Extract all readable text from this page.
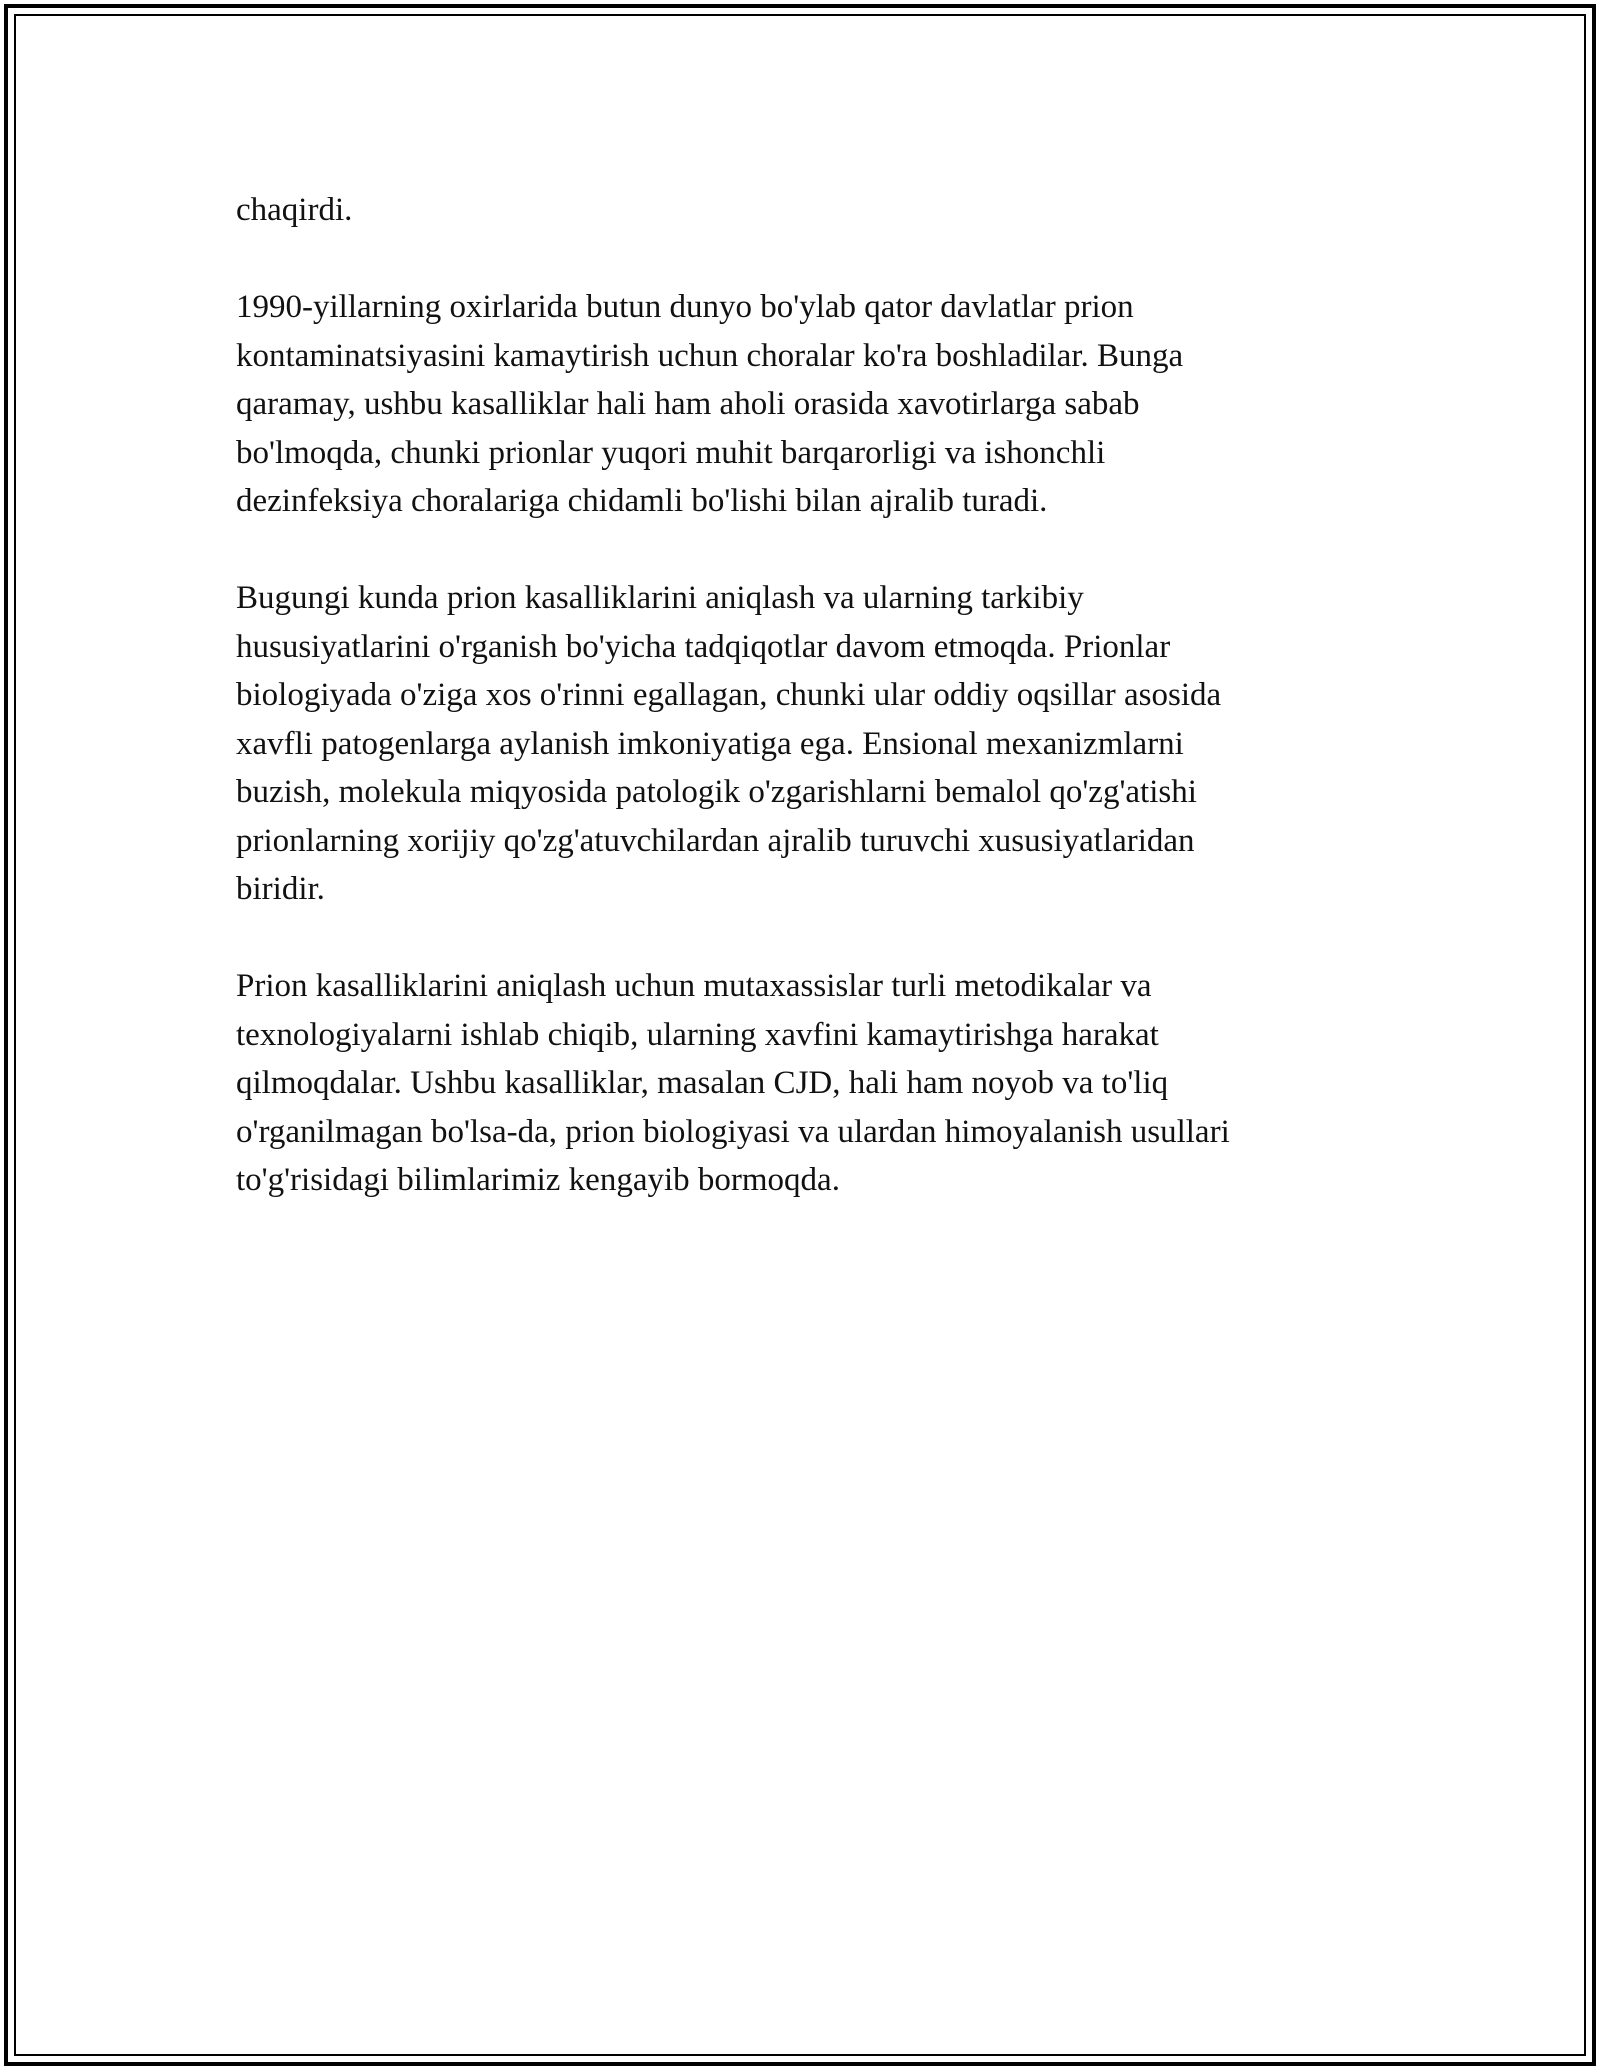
chaqirdi.

1990-yillarning oxirlarida butun dunyo bo'ylab qator davlatlar prion
kontaminatsiyasini kamaytirish uchun choralar ko'ra boshladilar. Bunga
qaramay, ushbu kasalliklar hali ham aholi orasida xavotirlarga sabab
bo'lmoqda, chunki prionlar yuqori muhit barqarorligi va ishonchli
dezinfeksiya choralariga chidamli bo'lishi bilan ajralib turadi.

Bugungi kunda prion kasalliklarini aniqlash va ularning tarkibiy
hususiyatlarini o'rganish bo'yicha tadqiqotlar davom etmoqda. Prionlar
biologiyada o'ziga xos o'rinni egallagan, chunki ular oddiy oqsillar asosida
xavfli patogenlarga aylanish imkoniyatiga ega. Ensional mexanizmlarni
buzish, molekula miqyosida patologik o'zgarishlarni bemalol qo'zg'atishi
prionlarning xorijiy qo'zg'atuvchilardan ajralib turuvchi xususiyatlaridan
biridir.

Prion kasalliklarini aniqlash uchun mutaxassislar turli metodikalar va
texnologiyalarni ishlab chiqib, ularning xavfini kamaytirishga harakat
qilmoqdalar. Ushbu kasalliklar, masalan CJD, hali ham noyob va to'liq
o'rganilmagan bo'lsa-da, prion biologiyasi va ulardan himoyalanish usullari
to'g'risidagi bilimlarimiz kengayib bormoqda.
